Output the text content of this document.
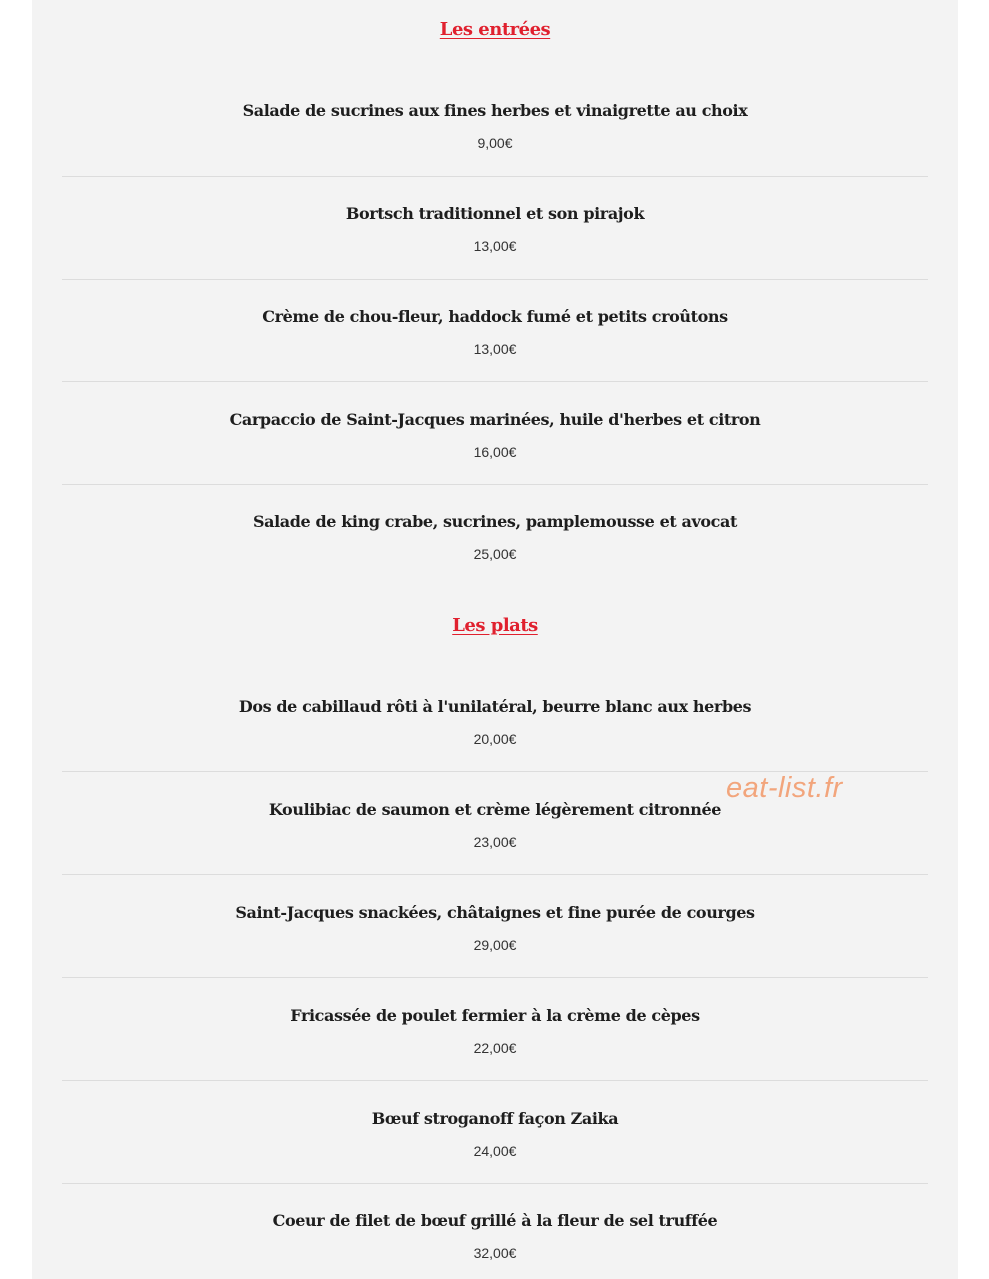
Les entrées
Salade de sucrines aux fines herbes et vinaigrette au choix
9,00€
Bortsch traditionnel et son pirajok
13,00€
Crème de chou-fleur, haddock fumé et petits croûtons
13,00€
Carpaccio de Saint-Jacques marinées, huile d'herbes et citron
16,00€
Salade de king crabe, sucrines, pamplemousse et avocat
25,00€
Les plats
Dos de cabillaud rôti à l'unilatéral, beurre blanc aux herbes
20,00€
Koulibiac de saumon et crème légèrement citronnée
23,00€
Saint-Jacques snackées, châtaignes et fine purée de courges
29,00€
Fricassée de poulet fermier à la crème de cèpes
22,00€
Bœuf stroganoff façon Zaika
24,00€
Coeur de filet de bœuf grillé à la fleur de sel truffée
32,00€
eat-list.fr
